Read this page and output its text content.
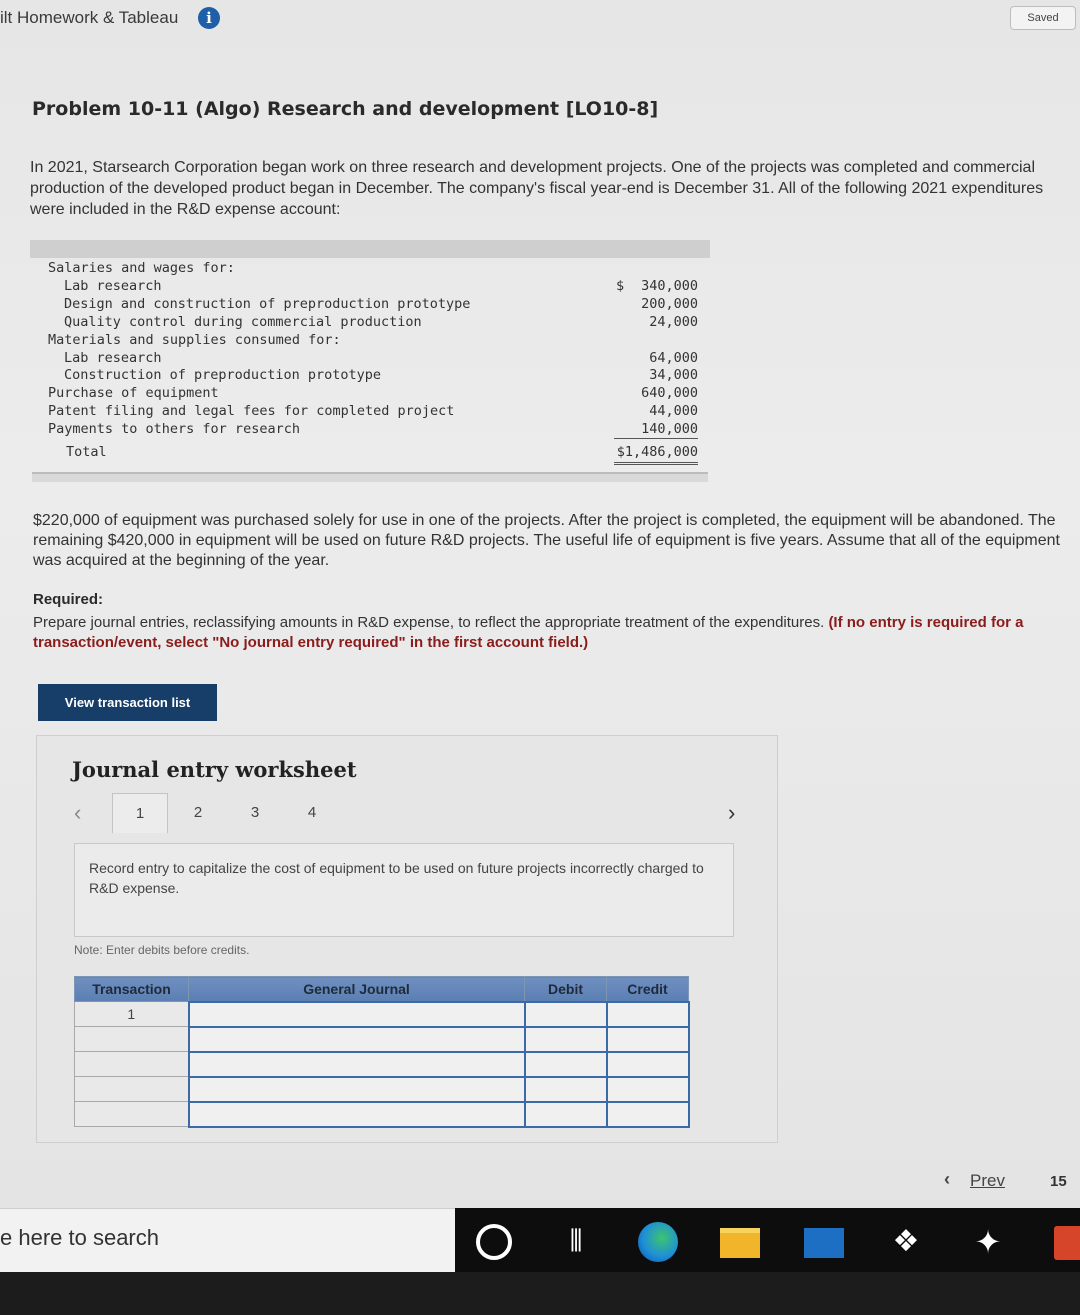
ilt Homework & Tableau	i	Saved
Problem 10-11 (Algo) Research and development [LO10-8]
In 2021, Starsearch Corporation began work on three research and development projects. One of the projects was completed and commercial production of the developed product began in December. The company's fiscal year-end is December 31. All of the following 2021 expenditures were included in the R&D expense account:
Salaries and wages for:
Lab research	$ 340,000
Design and construction of preproduction prototype	200,000
Quality control during commercial production	24,000
Materials and supplies consumed for:
Lab research	64,000
Construction of preproduction prototype	34,000
Purchase of equipment	640,000
Patent filing and legal fees for completed project	44,000
Payments to others for research	140,000
Total	$1,486,000
$220,000 of equipment was purchased solely for use in one of the projects. After the project is completed, the equipment will be abandoned. The remaining $420,000 in equipment will be used on future R&D projects. The useful life of equipment is five years. Assume that all of the equipment was acquired at the beginning of the year.
Required:
Prepare journal entries, reclassifying amounts in R&D expense, to reflect the appropriate treatment of the expenditures. (If no entry is required for a transaction/event, select "No journal entry required" in the first account field.)
View transaction list
Journal entry worksheet
‹	1	2	3	4	›
Record entry to capitalize the cost of equipment to be used on future projects incorrectly charged to R&D expense.
Note: Enter debits before credits.
Transaction	General Journal	Debit	Credit
1			

‹ Prev	15
e here to search	⫴	❖ ✦
